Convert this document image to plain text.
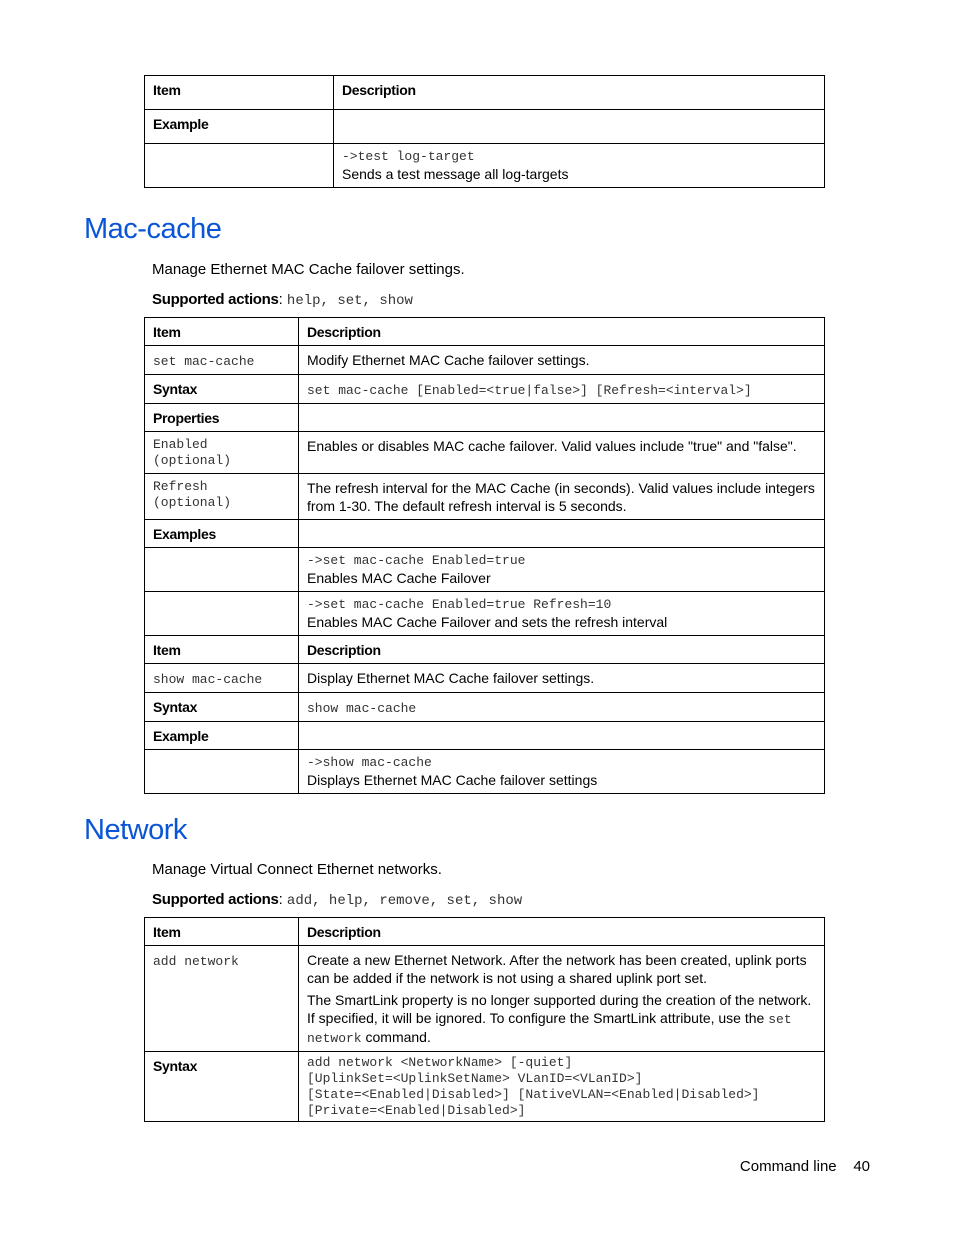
Item	Description
Example	

	->test log-target
Sends a test message all log-targets
Mac-cache
Manage Ethernet MAC Cache failover settings.
Supported actions: help, set, show
Item	Description
set mac-cache	Modify Ethernet MAC Cache failover settings.
Syntax	set mac-cache [Enabled=<true|false>] [Refresh=<interval>]
Properties	

Enabled (optional)	Enables or disables MAC cache failover. Valid values include "true" and "false".

Refresh (optional)	The refresh interval for the MAC Cache (in seconds). Valid values include integers from 1-30. The default refresh interval is 5 seconds.
Examples	

	->set mac-cache Enabled=true
Enables MAC Cache Failover

	->set mac-cache Enabled=true Refresh=10
Enables MAC Cache Failover and sets the refresh interval
Item	Description
show mac-cache	Display Ethernet MAC Cache failover settings.
Syntax	show mac-cache
Example	

	->show mac-cache
Displays Ethernet MAC Cache failover settings
Network
Manage Virtual Connect Ethernet networks.
Supported actions: add, help, remove, set, show
Item	Description
add network	Create a new Ethernet Network. After the network has been created, uplink ports can be added if the network is not using a shared uplink port set.

The SmartLink property is no longer supported during the creation of the network. If specified, it will be ignored. To configure the SmartLink attribute, use the set network command.

Syntax	add network <NetworkName> [-quiet]
[UplinkSet=<UplinkSetName> VLanID=<VLanID>]
[State=<Enabled|Disabled>] [NativeVLAN=<Enabled|Disabled>]
[Private=<Enabled|Disabled>]
Command line 40
